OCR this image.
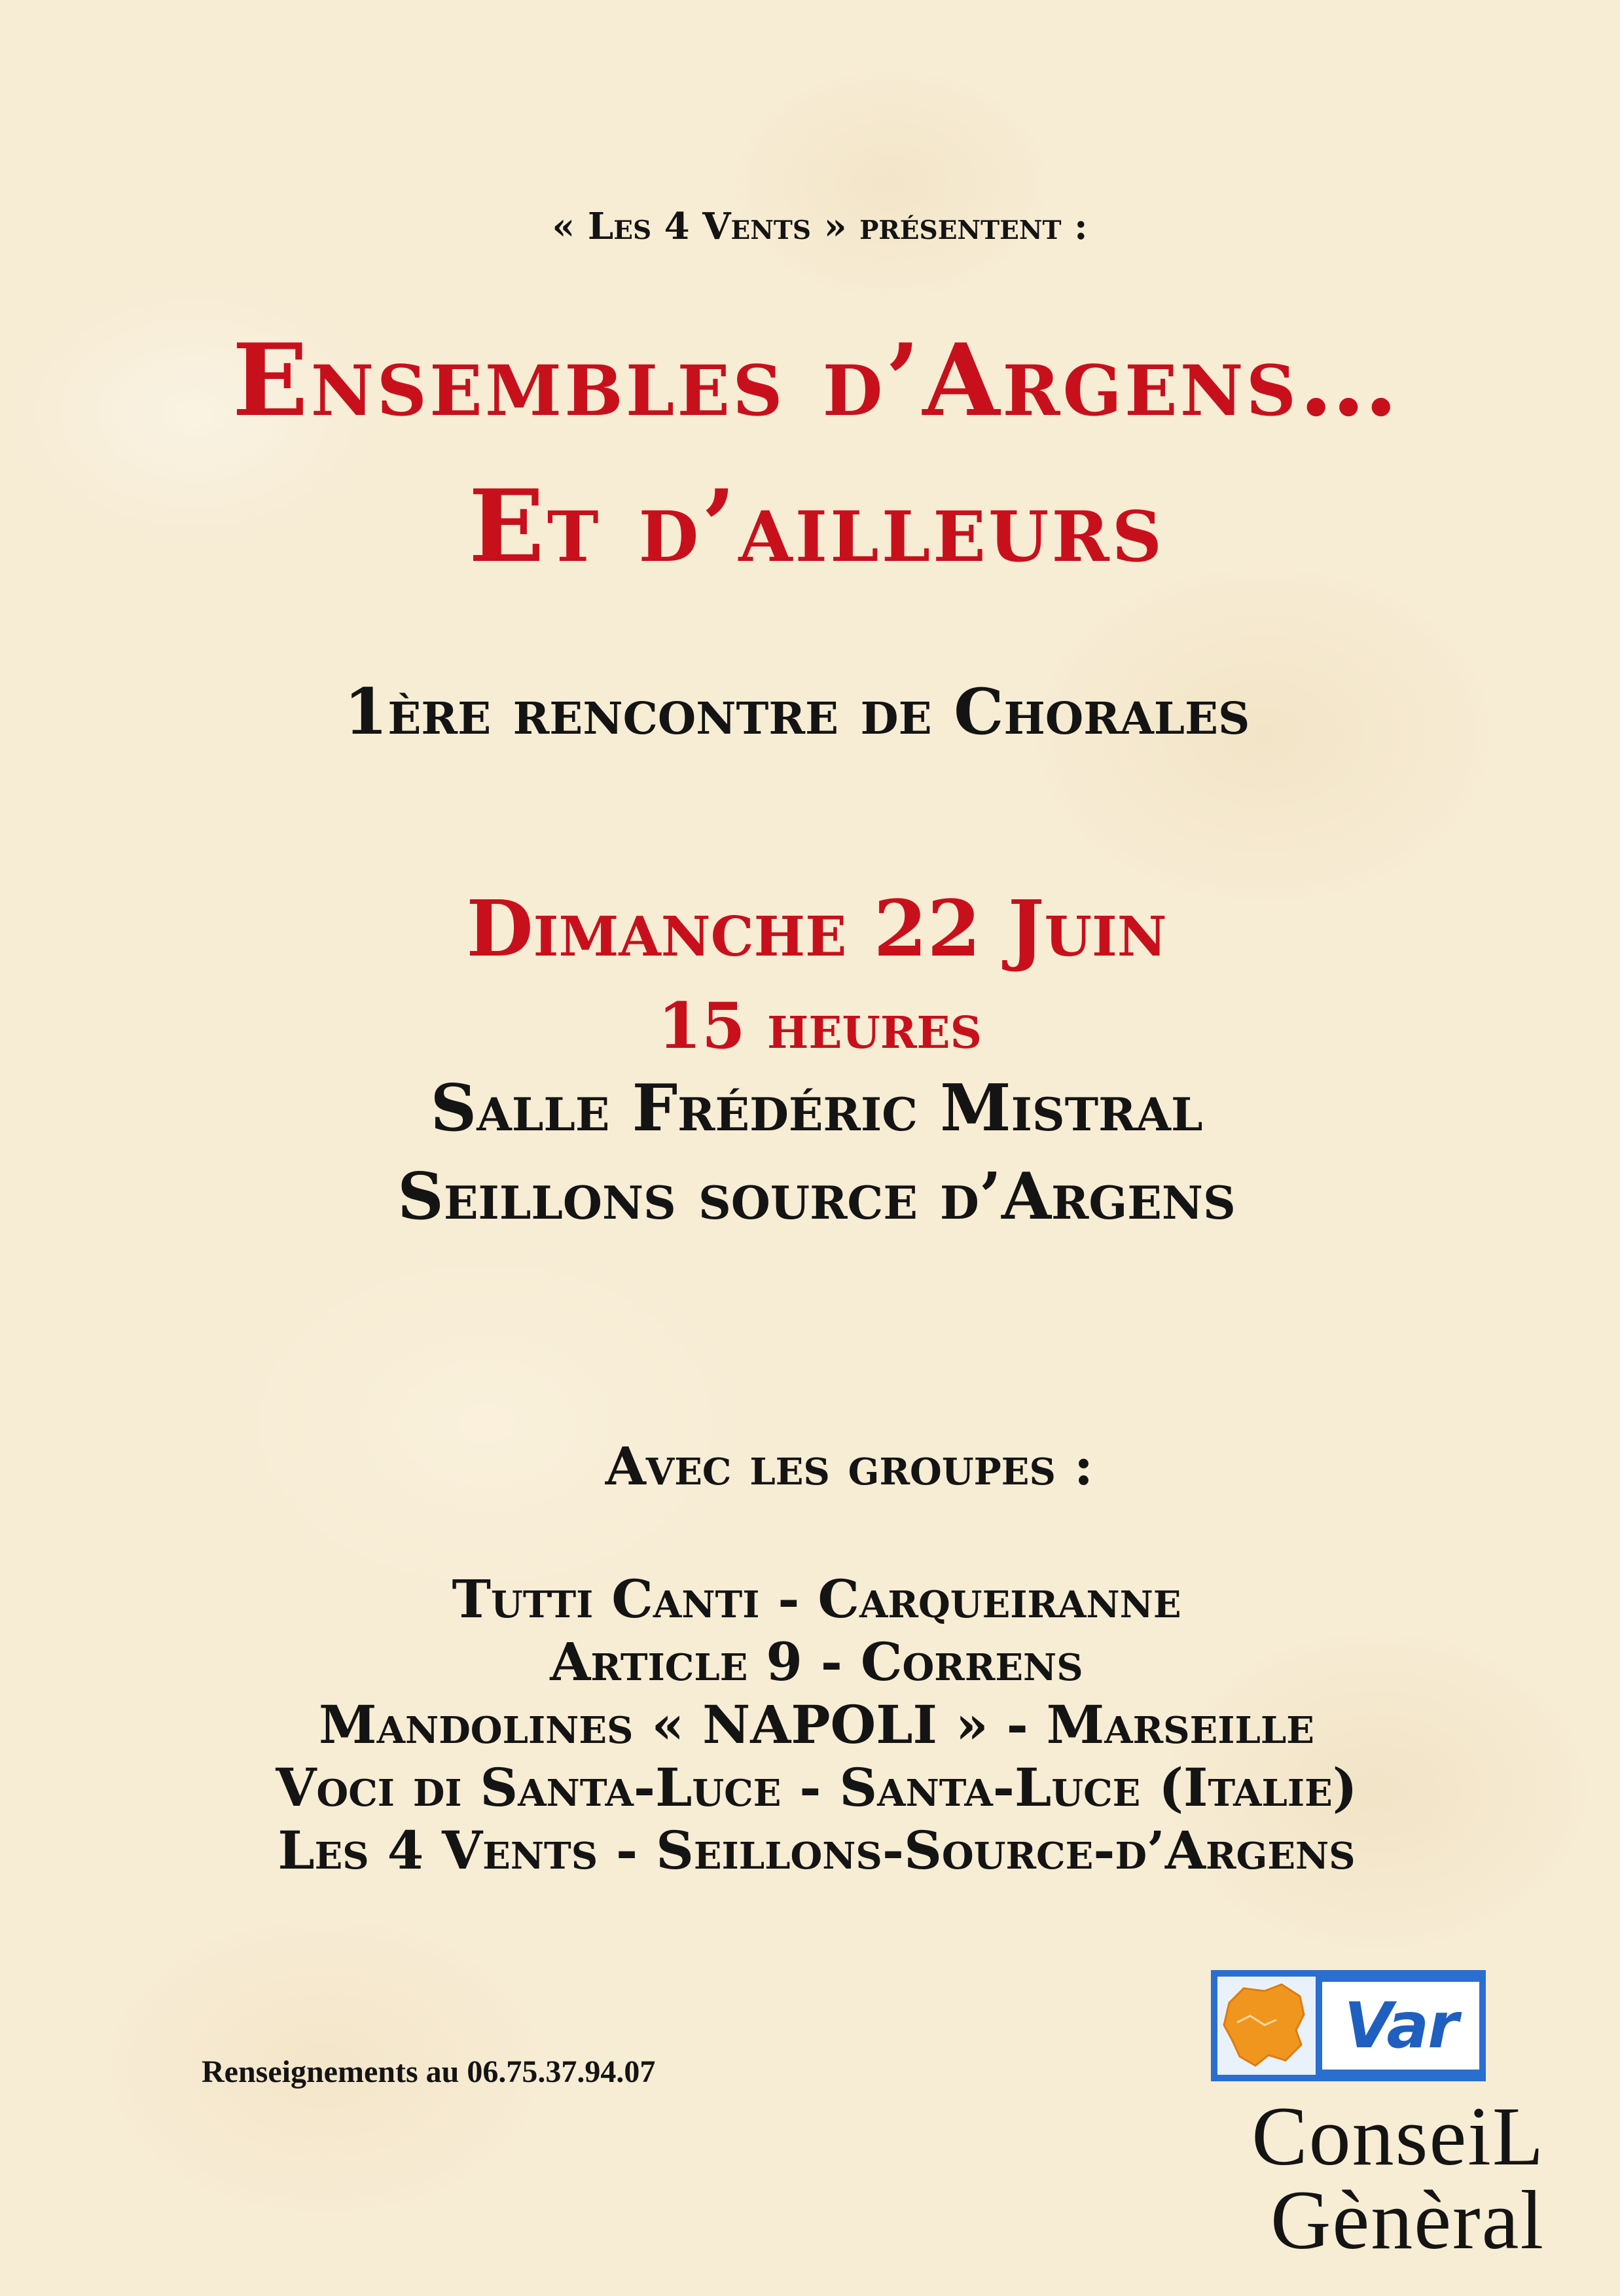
« Les 4 Vents » présentent :

Ensembles d’Argens…
Et d’ailleurs

1ère rencontre de Chorales

Dimanche 22 Juin

15 heures

Salle Frédéric Mistral

Seillons source d’Argens

Avec les groupes :

Tutti Canti - Carqueiranne
Article 9 - Correns
Mandolines « NAPOLI » - Marseille
Voci di Santa-Luce - Santa-Luce (Italie)
Les 4 Vents - Seillons-Source-d’Argens

Renseignements au 06.75.37.94.07

Var
ConseiL
Gènèral
